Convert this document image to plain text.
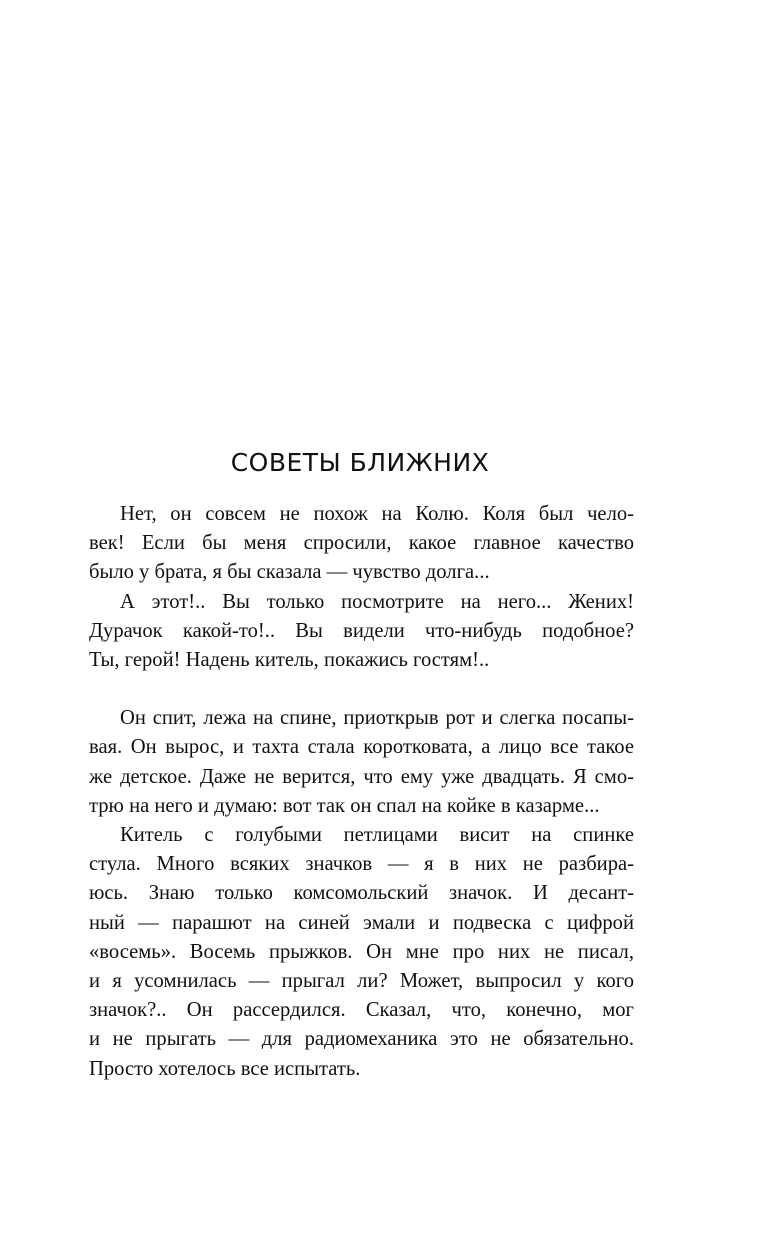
СОВЕТЫ БЛИЖНИХ

Нет, он совсем не похож на Колю. Коля был чело-
век! Если бы меня спросили, какое главное качество
было у брата, я бы сказала — чувство долга...

А этот!.. Вы только посмотрите на него... Жених!
Дурачок какой-то!.. Вы видели что-нибудь подобное?
Ты, герой! Надень китель, покажись гостям!..

Он спит, лежа на спине, приоткрыв рот и слегка посапы-
вая. Он вырос, и тахта стала коротковата, а лицо все такое
же детское. Даже не верится, что ему уже двадцать. Я смо-
трю на него и думаю: вот так он спал на койке в казарме...

Китель с голубыми петлицами висит на спинке
стула. Много всяких значков — я в них не разбира-
юсь. Знаю только комсомольский значок. И десант-
ный — парашют на синей эмали и подвеска с цифрой
«восемь». Восемь прыжков. Он мне про них не писал,
и я усомнилась — прыгал ли? Может, выпросил у кого
значок?.. Он рассердился. Сказал, что, конечно, мог
и не прыгать — для радиомеханика это не обязательно.
Просто хотелось все испытать.
